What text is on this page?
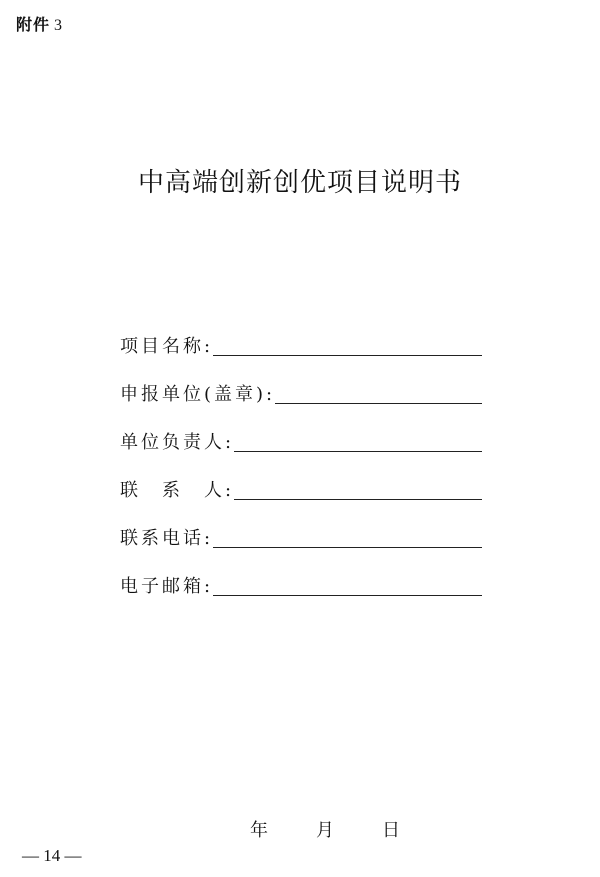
附件 3
中高端创新创优项目说明书
项目名称:
申报单位(盖章):
单位负责人:
联　系　人:
联系电话:
电子邮箱:
年	月	日
— 14 —
